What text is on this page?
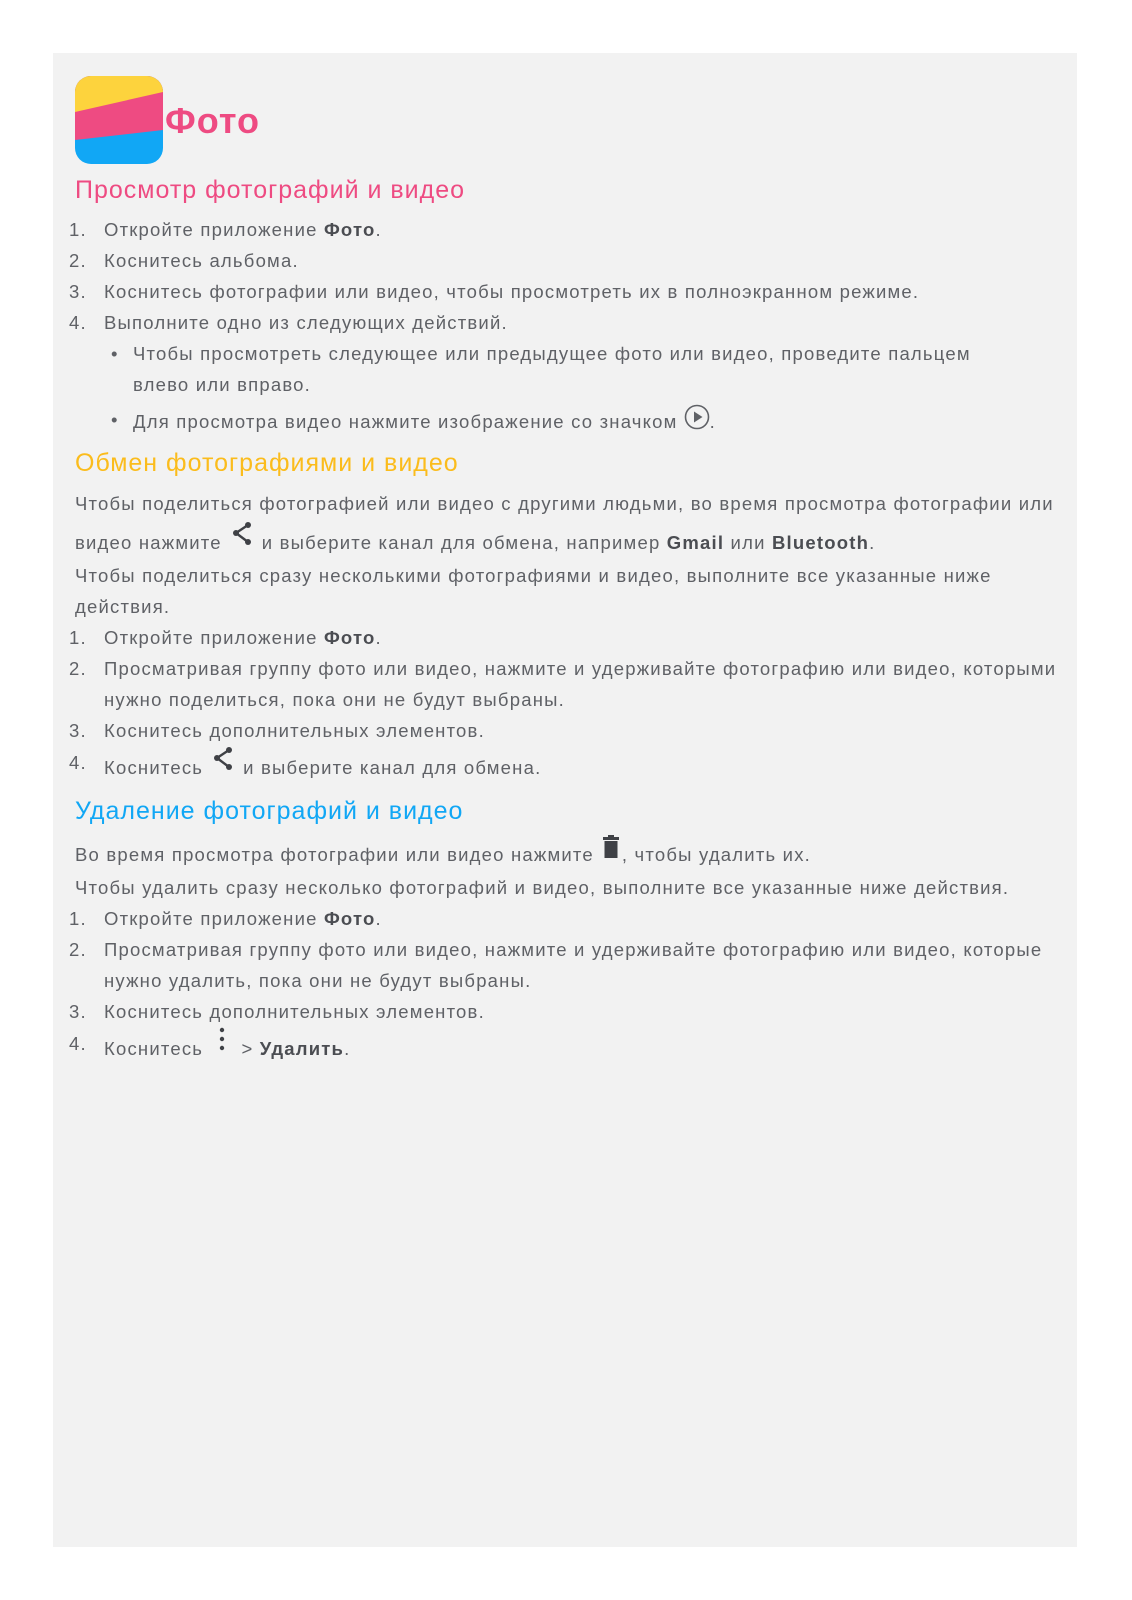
Фото
Просмотр фотографий и видео
1. Откройте приложение Фото.
2. Коснитесь альбома.
3. Коснитесь фотографии или видео, чтобы просмотреть их в полноэкранном режиме.
4. Выполните одно из следующих действий.
• Чтобы просмотреть следующее или предыдущее фото или видео, проведите пальцем влево или вправо.
• Для просмотра видео нажмите изображение со значком .
Обмен фотографиями и видео

Чтобы поделиться фотографией или видео с другими людьми, во время просмотра фотографии или видео нажмите и выберите канал для обмена, например Gmail или Bluetooth.

Чтобы поделиться сразу несколькими фотографиями и видео, выполните все указанные ниже действия.

1. Откройте приложение Фото.
2. Просматривая группу фото или видео, нажмите и удерживайте фотографию или видео, которыми нужно поделиться, пока они не будут выбраны.
3. Коснитесь дополнительных элементов.
4. Коснитесь и выберите канал для обмена.
Удаление фотографий и видео

Во время просмотра фотографии или видео нажмите , чтобы удалить их.

Чтобы удалить сразу несколько фотографий и видео, выполните все указанные ниже действия.

1. Откройте приложение Фото.
2. Просматривая группу фото или видео, нажмите и удерживайте фотографию или видео, которые нужно удалить, пока они не будут выбраны.
3. Коснитесь дополнительных элементов.
4. Коснитесь > Удалить.
